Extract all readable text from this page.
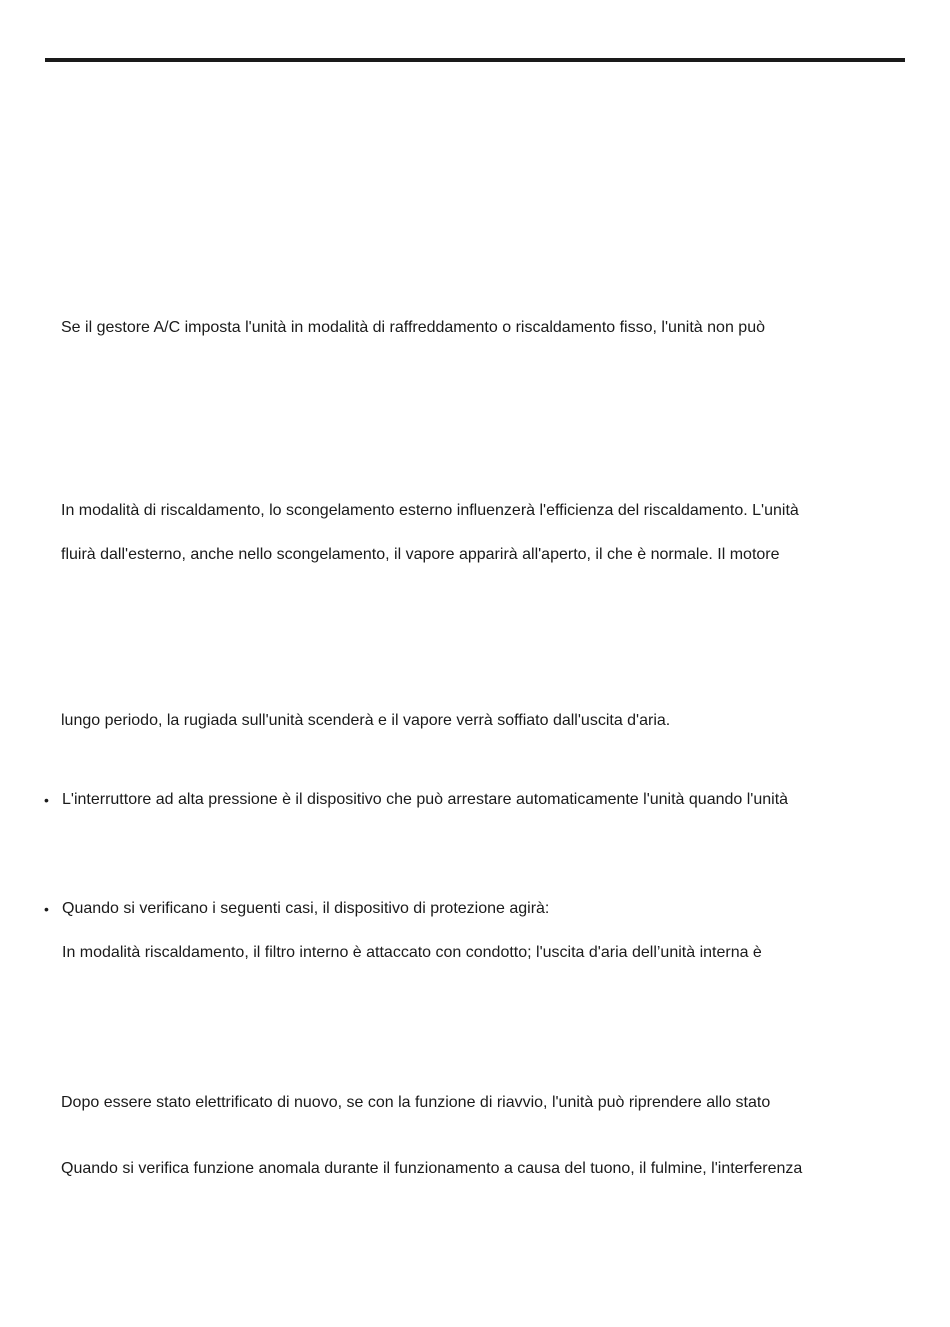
Se il gestore A/C imposta l'unità in modalità di raffreddamento o riscaldamento fisso, l'unità non può
In modalità di riscaldamento, lo scongelamento esterno influenzerà l'efficienza del riscaldamento. L'unità
fluirà dall'esterno, anche nello scongelamento, il vapore apparirà all'aperto, il che è normale. Il motore
lungo periodo, la rugiada sull'unità scenderà e il vapore verrà soffiato dall'uscita d'aria.
• L'interruttore ad alta pressione è il dispositivo che può arrestare automaticamente l'unità quando l'unità
• Quando si verificano i seguenti casi, il dispositivo di protezione agirà:
In modalità riscaldamento, il filtro interno è attaccato con condotto; l'uscita d'aria dell’unità interna è
Dopo essere stato elettrificato di nuovo, se con la funzione di riavvio, l'unità può riprendere allo stato
Quando si verifica funzione anomala durante il funzionamento a causa del tuono, il fulmine, l'interferenza
